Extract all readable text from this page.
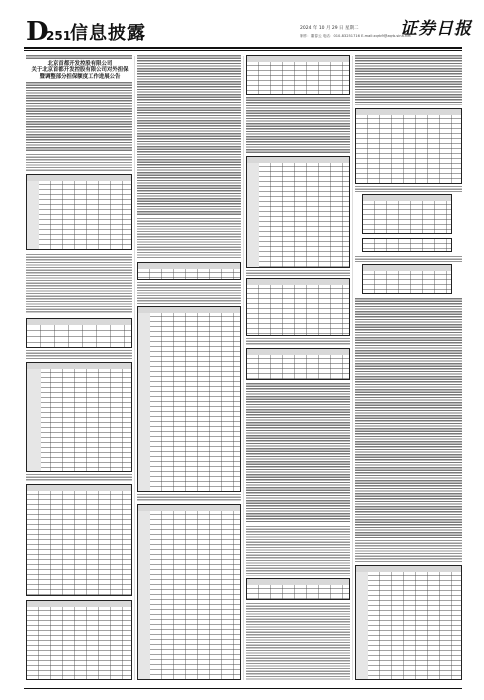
D
251
信息披露	2024 年 10 月 29 日 星期二
制作：董春云 电话：010-83251716 E-mail:zqrb9@zqrb.sina.net
证券日报
北京首都开发控股有限公司
关于北京首都开发控股有限公司对外担保
暨调整部分担保额度工作进展公告
